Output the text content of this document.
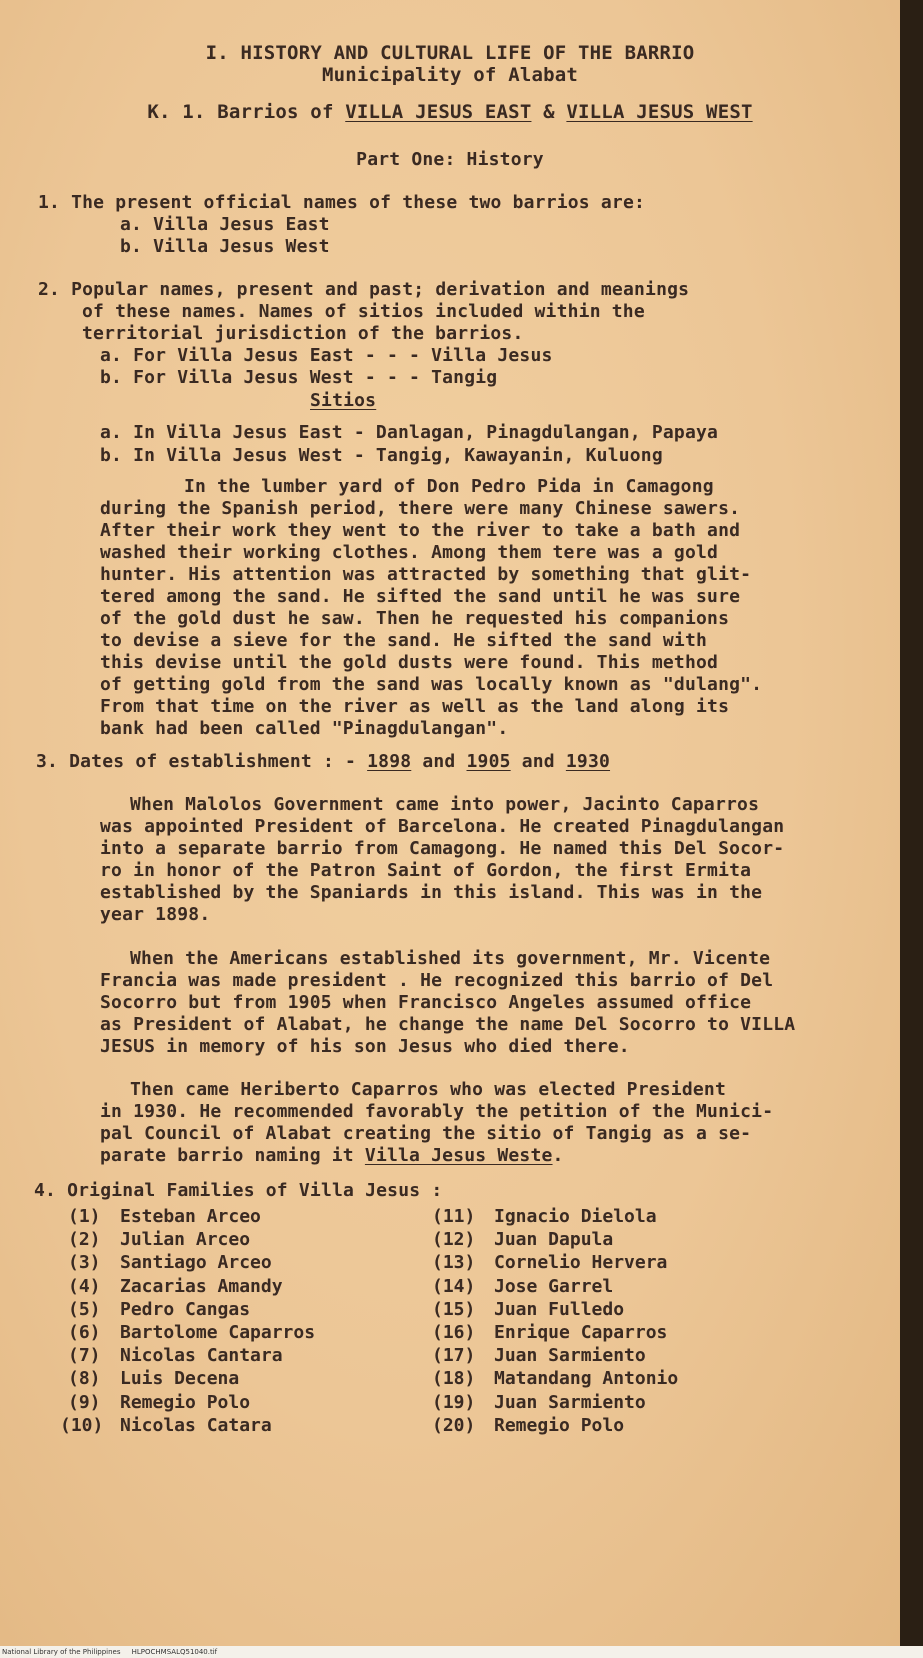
I. HISTORY AND CULTURAL LIFE OF THE BARRIO
Municipality of Alabat
K. 1. Barrios of VILLA JESUS EAST & VILLA JESUS WEST
Part One: History
1. The present official names of these two barrios are:
a. Villa Jesus East
b. Villa Jesus West
2. Popular names, present and past; derivation and meanings
of these names. Names of sitios included within the
territorial jurisdiction of the barrios.
a. For Villa Jesus East - - - Villa Jesus
b. For Villa Jesus West - - - Tangig
Sitios
a. In Villa Jesus East - Danlagan, Pinagdulangan, Papaya
b. In Villa Jesus West - Tangig, Kawayanin, Kuluong
In the lumber yard of Don Pedro Pida in Camagong
during the Spanish period, there were many Chinese sawers.
After their work they went to the river to take a bath and
washed their working clothes. Among them tere was a gold
hunter. His attention was attracted by something that glit-
tered among the sand. He sifted the sand until he was sure
of the gold dust he saw. Then he requested his companions
to devise a sieve for the sand. He sifted the sand with
this devise until the gold dusts were found. This method
of getting gold from the sand was locally known as "dulang".
From that time on the river as well as the land along its
bank had been called "Pinagdulangan".
3. Dates of establishment : - 1898 and 1905 and 1930
When Malolos Government came into power, Jacinto Caparros
was appointed President of Barcelona. He created Pinagdulangan
into a separate barrio from Camagong. He named this Del Socor-
ro in honor of the Patron Saint of Gordon, the first Ermita
established by the Spaniards in this island. This was in the
year 1898.
When the Americans established its government, Mr. Vicente
Francia was made president . He recognized this barrio of Del
Socorro but from 1905 when Francisco Angeles assumed office
as President of Alabat, he change the name Del Socorro to VILLA
JESUS in memory of his son Jesus who died there.
Then came Heriberto Caparros who was elected President
in 1930. He recommended favorably the petition of the Munici-
pal Council of Alabat creating the sitio of Tangig as a se-
parate barrio naming it Villa Jesus Weste.
4. Original Families of Villa Jesus :
(1) Esteban Arceo
(2) Julian Arceo
(3) Santiago Arceo
(4) Zacarias Amandy
(5) Pedro Cangas
(6) Bartolome Caparros
(7) Nicolas Cantara
(8) Luis Decena
(9) Remegio Polo
(10) Nicolas Catara
(11) Ignacio Dielola
(12) Juan Dapula
(13) Cornelio Hervera
(14) Jose Garrel
(15) Juan Fulledo
(16) Enrique Caparros
(17) Juan Sarmiento
(18) Matandang Antonio
(19) Juan Sarmiento
(20) Remegio Polo
National Library of the Philippines HLPOCHMSALQ51040.tif
